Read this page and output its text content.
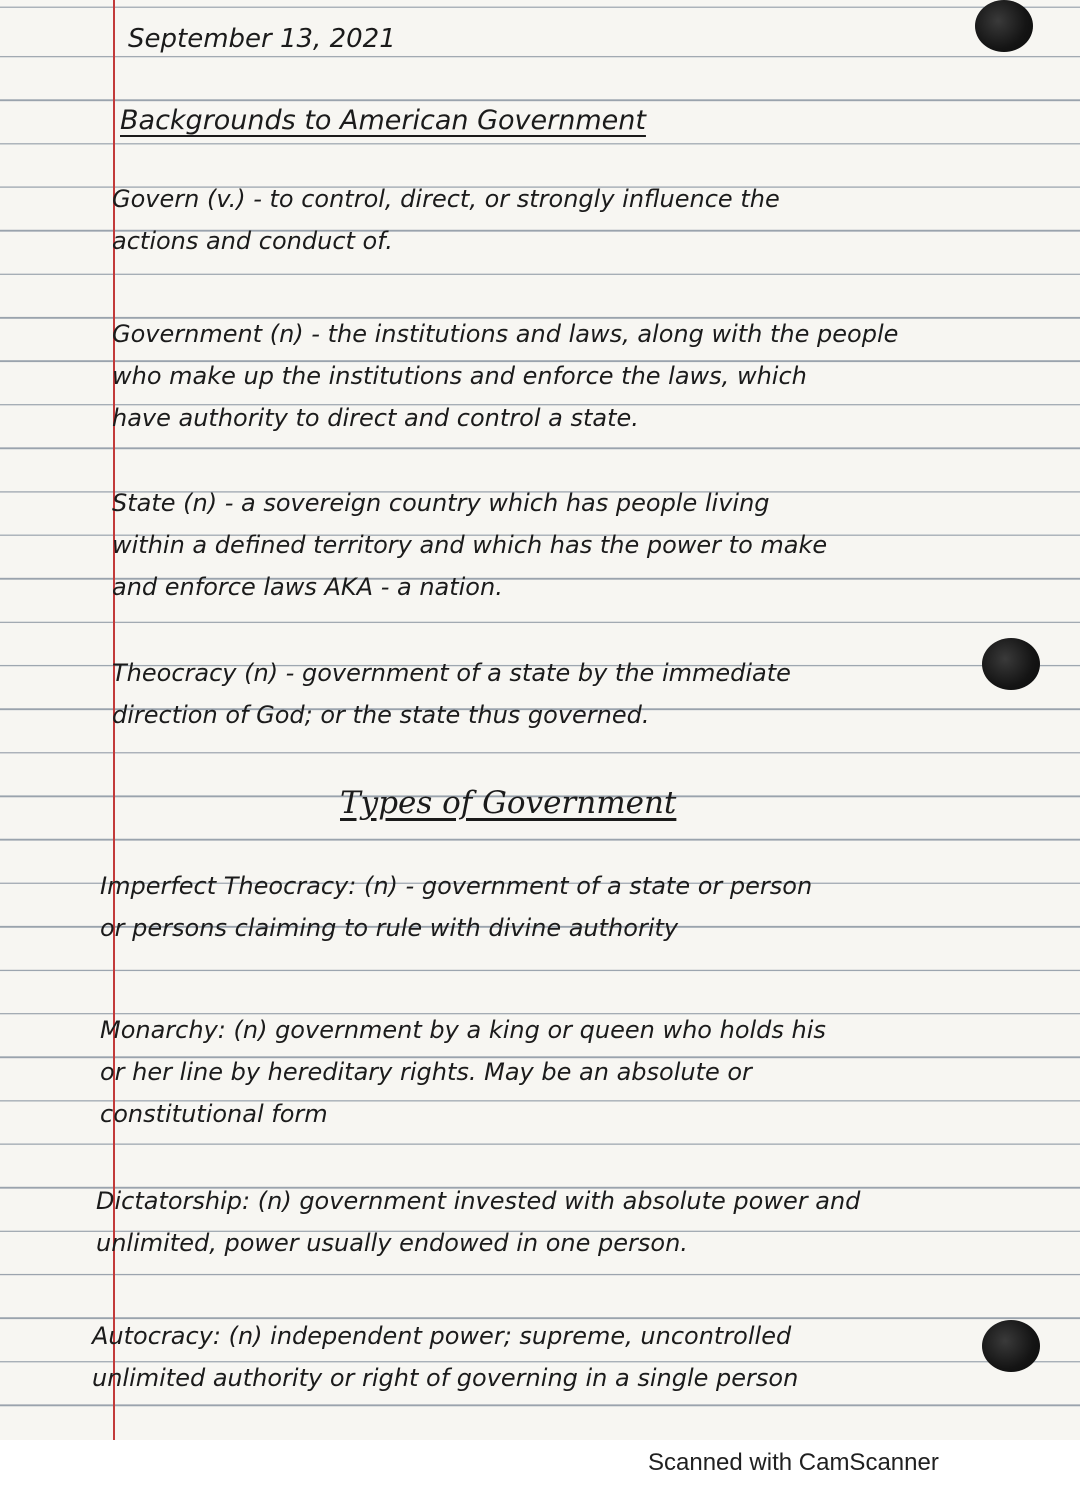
September 13, 2021

Backgrounds to American Government

Govern (v.) - to control, direct, or strongly influence the
actions and conduct of.

Government (n) - the institutions and laws, along with the people
who make up the institutions and enforce the laws, which
have authority to direct and control a state.

State (n) - a sovereign country which has people living
within a defined territory and which has the power to make
and enforce laws AKA - a nation.

Theocracy (n) - government of a state by the immediate
direction of God; or the state thus governed.

Types of Government

Imperfect Theocracy: (n) - government of a state or person
or persons claiming to rule with divine authority

Monarchy: (n) government by a king or queen who holds his
or her line by hereditary rights. May be an absolute or
constitutional form

Dictatorship: (n) government invested with absolute power and
unlimited, power usually endowed in one person.

Autocracy: (n) independent power; supreme, uncontrolled
unlimited authority or right of governing in a single person

Scanned with CamScanner
